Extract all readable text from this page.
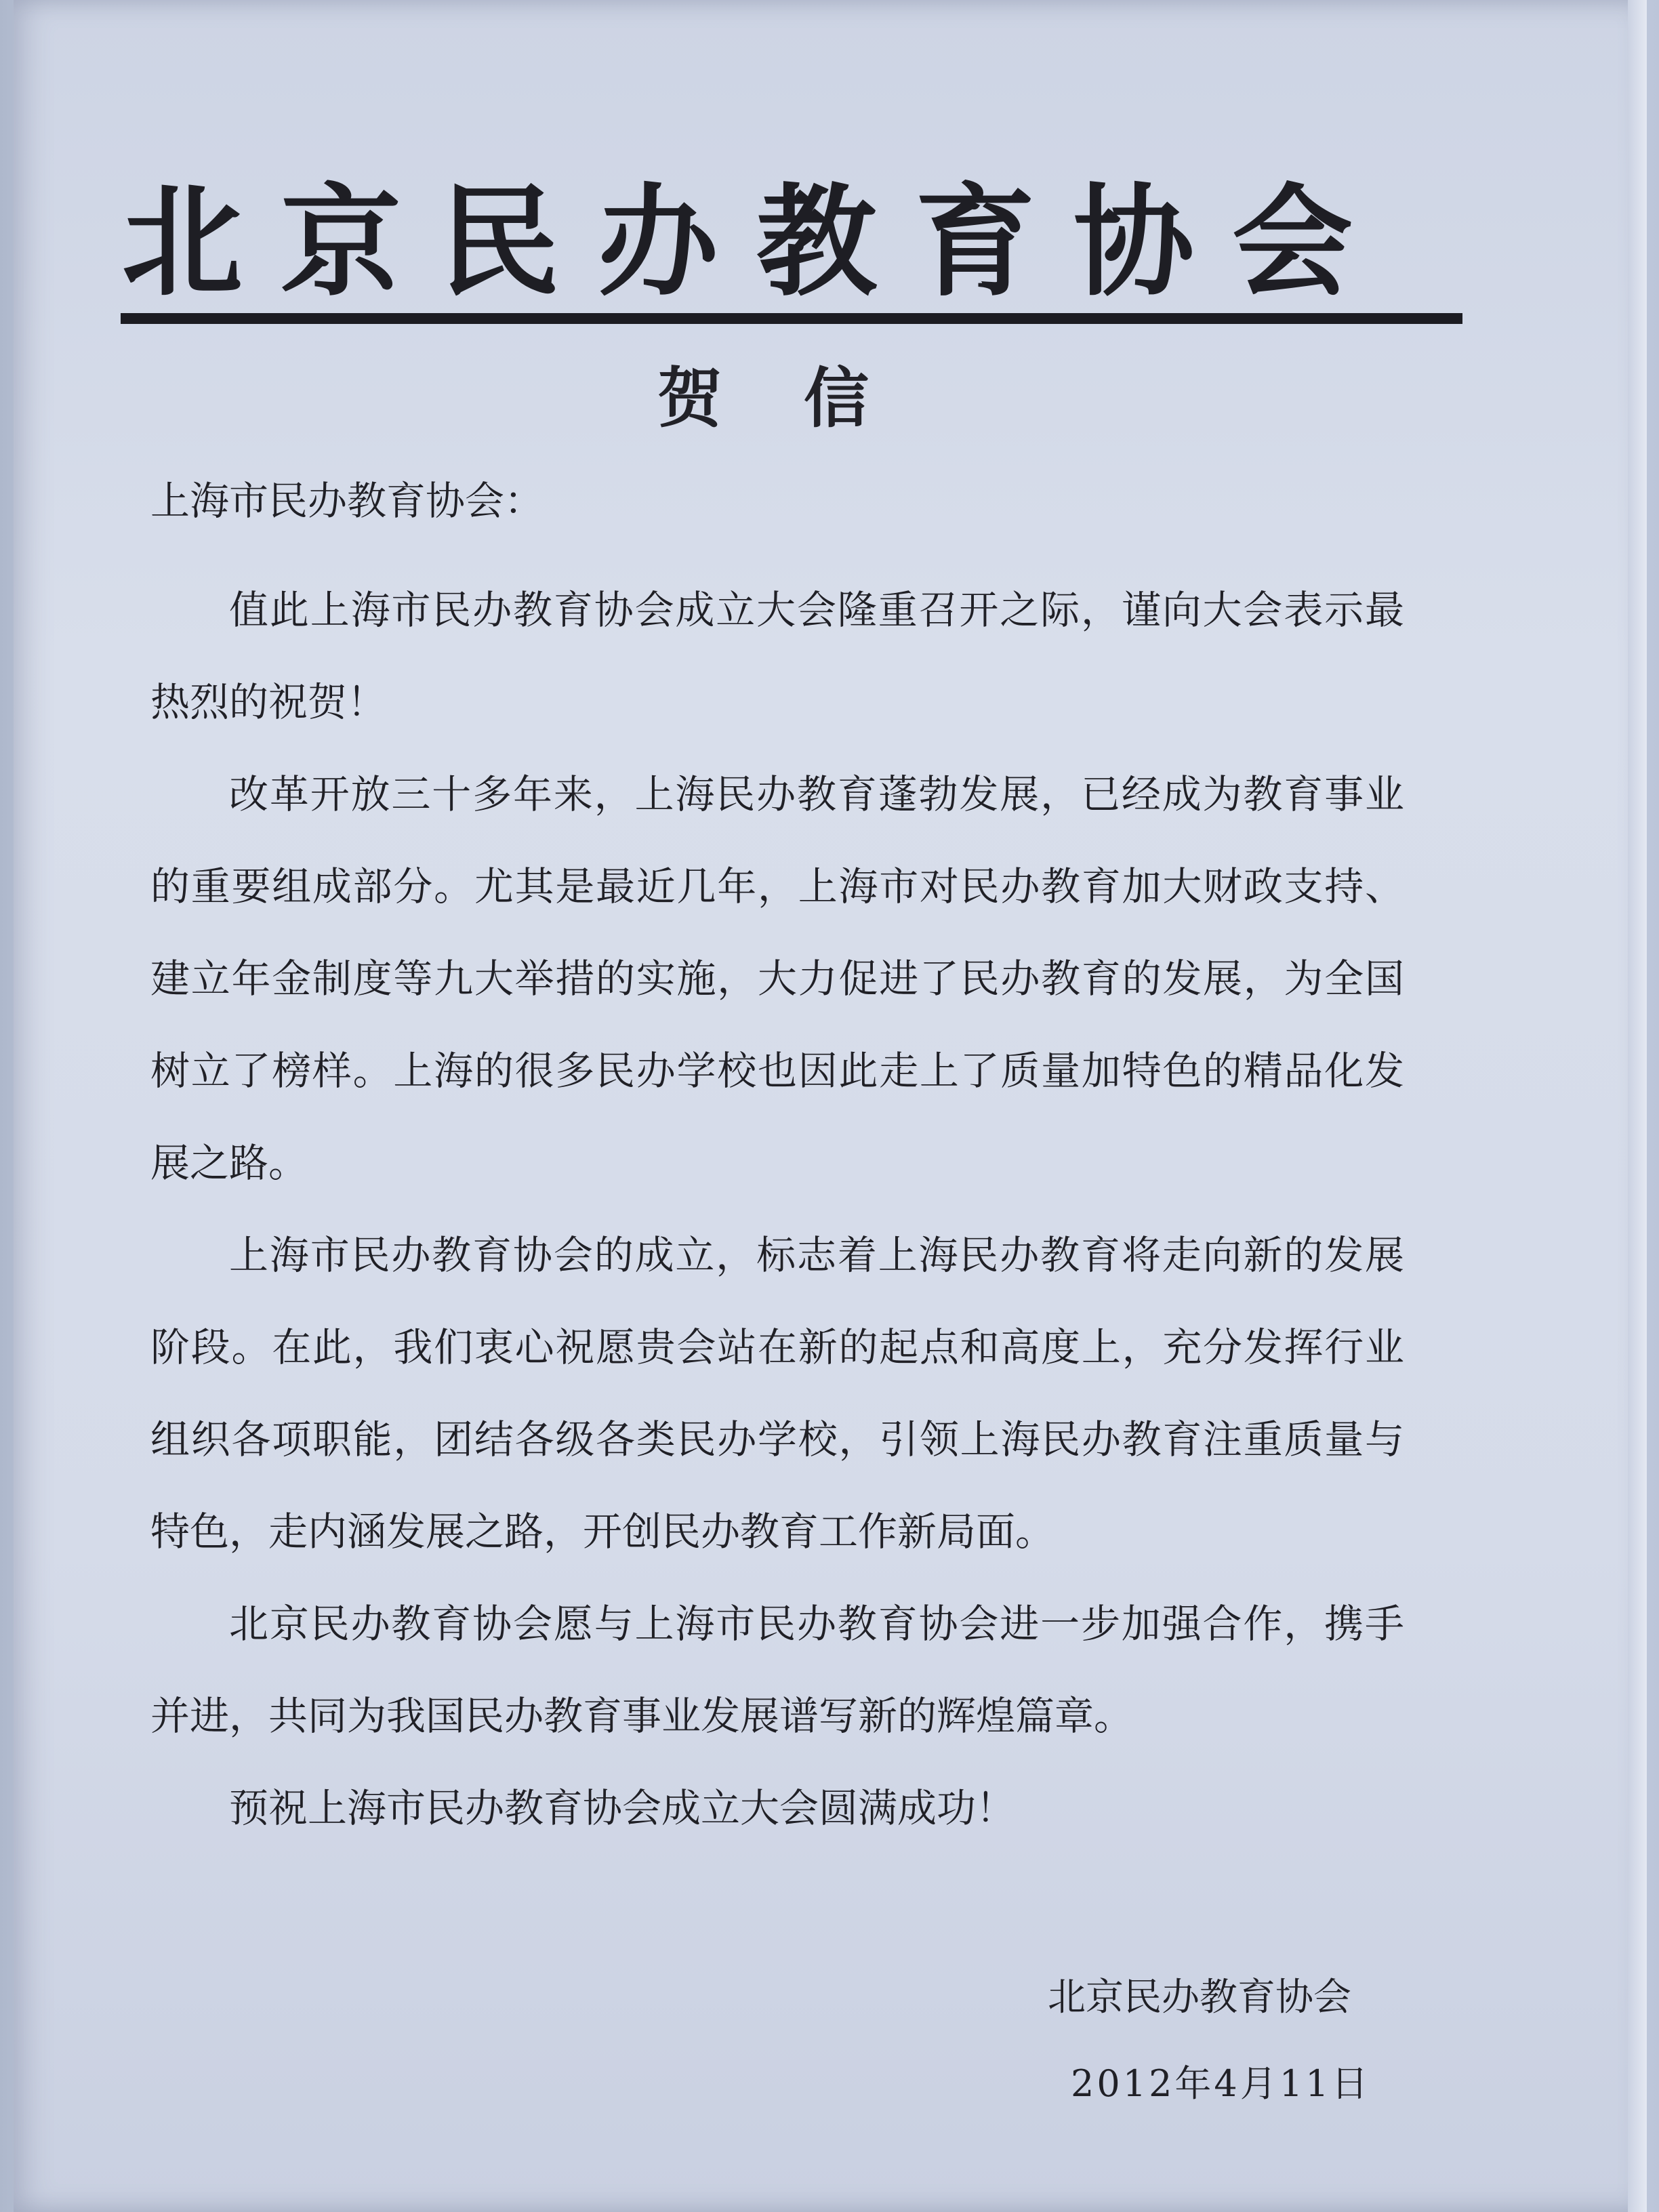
北京民办教育协会
贺信
上海市民办教育协会：

值此上海市民办教育协会成立大会隆重召开之际，谨向大会表示最热烈的祝贺！

改革开放三十多年来，上海民办教育蓬勃发展，已经成为教育事业的重要组成部分。尤其是最近几年，上海市对民办教育加大财政支持、建立年金制度等九大举措的实施，大力促进了民办教育的发展，为全国树立了榜样。上海的很多民办学校也因此走上了质量加特色的精品化发展之路。

上海市民办教育协会的成立，标志着上海民办教育将走向新的发展阶段。在此，我们衷心祝愿贵会站在新的起点和高度上，充分发挥行业组织各项职能，团结各级各类民办学校，引领上海民办教育注重质量与特色，走内涵发展之路，开创民办教育工作新局面。

北京民办教育协会愿与上海市民办教育协会进一步加强合作，携手并进，共同为我国民办教育事业发展谱写新的辉煌篇章。

预祝上海市民办教育协会成立大会圆满成功！

北京民办教育协会
2012年4月11日
